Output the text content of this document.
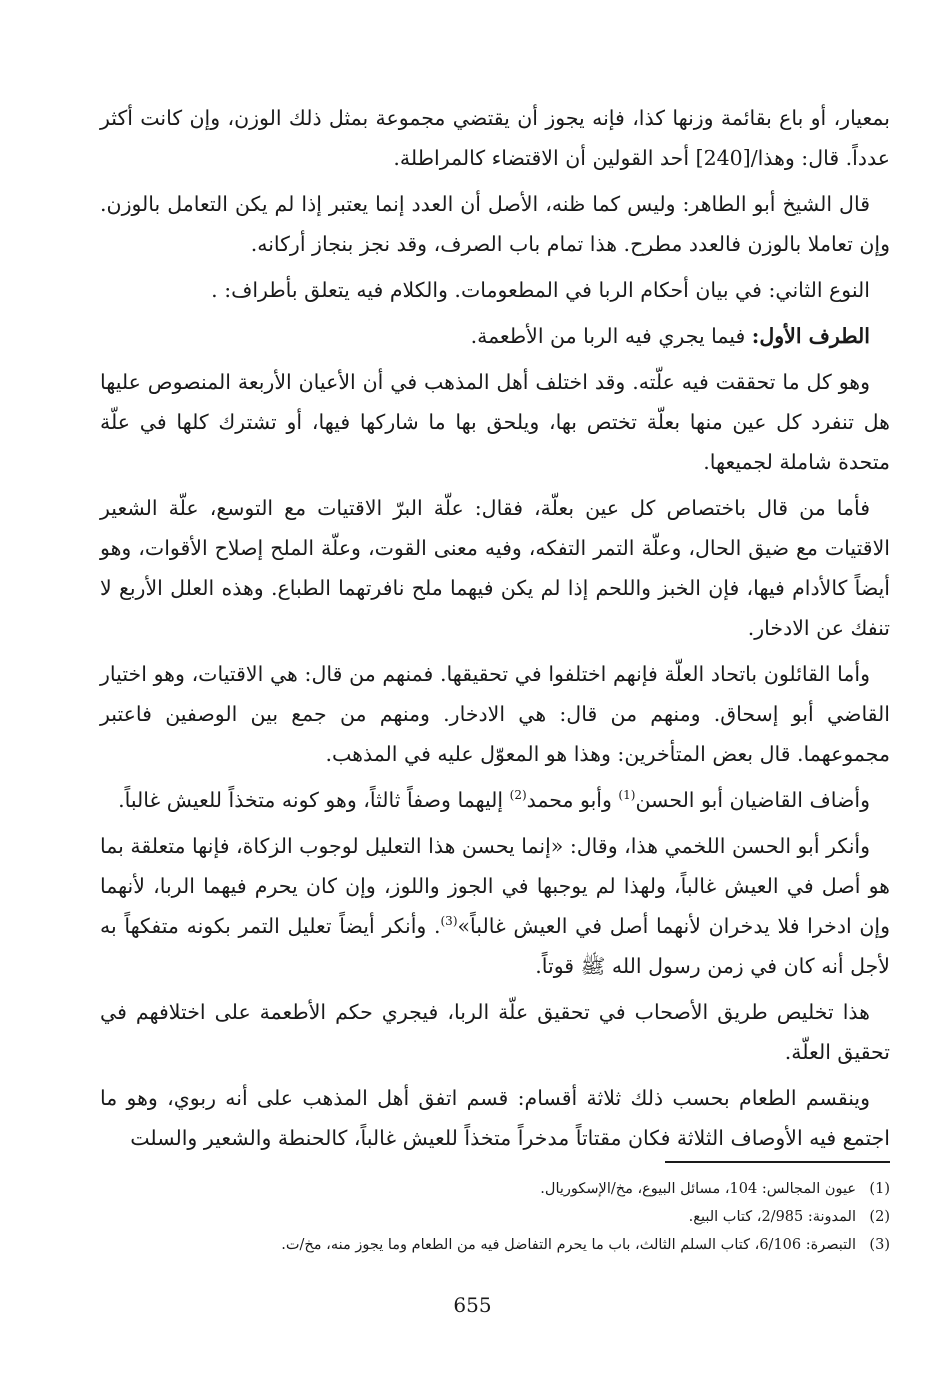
بمعيار، أو باع بقائمة وزنها كذا، فإنه يجوز أن يقتضي مجموعة بمثل ذلك الوزن، وإن كانت أكثر عدداً. قال: وهذا/[240] أحد القولين أن الاقتضاء كالمراطلة.

قال الشيخ أبو الطاهر: وليس كما ظنه، الأصل أن العدد إنما يعتبر إذا لم يكن التعامل بالوزن. وإن تعاملا بالوزن فالعدد مطرح. هذا تمام باب الصرف، وقد نجز بنجاز أركانه.

النوع الثاني: في بيان أحكام الربا في المطعومات. والكلام فيه يتعلق بأطراف: .

الطرف الأول: فيما يجري فيه الربا من الأطعمة.

وهو كل ما تحققت فيه علّته. وقد اختلف أهل المذهب في أن الأعيان الأربعة المنصوص عليها هل تنفرد كل عين منها بعلّة تختص بها، ويلحق بها ما شاركها فيها، أو تشترك كلها في علّة متحدة شاملة لجميعها.

فأما من قال باختصاص كل عين بعلّة، فقال: علّة البرّ الاقتيات مع التوسع، علّة الشعير الاقتيات مع ضيق الحال، وعلّة التمر التفكه، وفيه معنى القوت، وعلّة الملح إصلاح الأقوات، وهو أيضاً كالأدام فيها، فإن الخبز واللحم إذا لم يكن فيهما ملح نافرتهما الطباع. وهذه العلل الأربع لا تنفك عن الادخار.

وأما القائلون باتحاد العلّة فإنهم اختلفوا في تحقيقها. فمنهم من قال: هي الاقتيات، وهو اختيار القاضي أبو إسحاق. ومنهم من قال: هي الادخار. ومنهم من جمع بين الوصفين فاعتبر مجموعهما. قال بعض المتأخرين: وهذا هو المعوّل عليه في المذهب.

وأضاف القاضيان أبو الحسن$^{(1)}$ وأبو محمد$^{(2)}$ إليهما وصفاً ثالثاً، وهو كونه متخذاً للعيش غالباً.

وأنكر أبو الحسن اللخمي هذا، وقال: «إنما يحسن هذا التعليل لوجوب الزكاة، فإنها متعلقة بما هو أصل في العيش غالباً، ولهذا لم يوجبها في الجوز واللوز، وإن كان يحرم فيهما الربا، لأنهما وإن ادخرا فلا يدخران لأنهما أصل في العيش غالباً»$^{(3)}$. وأنكر أيضاً تعليل التمر بكونه متفكهاً به لأجل أنه كان في زمن رسول الله ﷺ قوتاً.

هذا تخليص طريق الأصحاب في تحقيق علّة الربا، فيجري حكم الأطعمة على اختلافهم في تحقيق العلّة.

وينقسم الطعام بحسب ذلك ثلاثة أقسام: قسم اتفق أهل المذهب على أنه ربوي، وهو ما اجتمع فيه الأوصاف الثلاثة فكان مقتاتاً مدخراً متخذاً للعيش غالباً، كالحنطة والشعير والسلت

(1)
عيون المجالس: 104، مسائل البيوع، مخ/الإسكوريال.
(2)
المدونة: 2/985، كتاب البيع.
(3)
التبصرة: 6/106، كتاب السلم الثالث، باب ما يحرم التفاضل فيه من الطعام وما يجوز منه، مخ/ت.
655
